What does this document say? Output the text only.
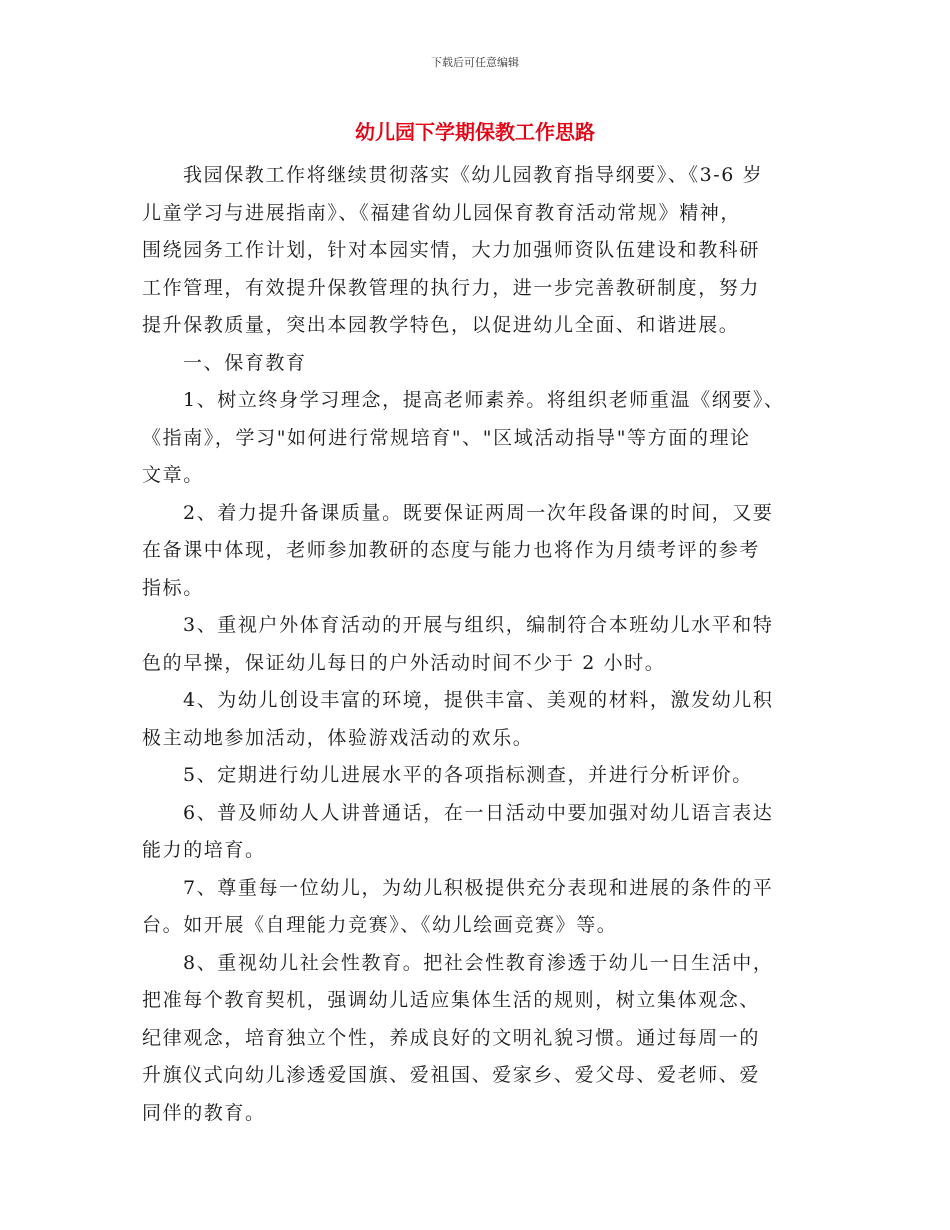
下载后可任意编辑
幼儿园下学期保教工作思路

我园保教工作将继续贯彻落实《幼儿园教育指导纲要》、《3-6 岁
儿童学习与进展指南》、《福建省幼儿园保育教育活动常规》精神，
围绕园务工作计划，针对本园实情，大力加强师资队伍建设和教科研
工作管理，有效提升保教管理的执行力，进一步完善教研制度，努力
提升保教质量，突出本园教学特色，以促进幼儿全面、和谐进展。

一、保育教育

1、树立终身学习理念，提高老师素养。将组织老师重温《纲要》、
《指南》，学习"如何进行常规培育"、"区域活动指导"等方面的理论
文章。

2、着力提升备课质量。既要保证两周一次年段备课的时间，又要
在备课中体现，老师参加教研的态度与能力也将作为月绩考评的参考
指标。

3、重视户外体育活动的开展与组织，编制符合本班幼儿水平和特
色的早操，保证幼儿每日的户外活动时间不少于 2 小时。

4、为幼儿创设丰富的环境，提供丰富、美观的材料，激发幼儿积
极主动地参加活动，体验游戏活动的欢乐。

5、定期进行幼儿进展水平的各项指标测查，并进行分析评价。

6、普及师幼人人讲普通话，在一日活动中要加强对幼儿语言表达
能力的培育。

7、尊重每一位幼儿，为幼儿积极提供充分表现和进展的条件的平
台。如开展《自理能力竞赛》、《幼儿绘画竞赛》等。

8、重视幼儿社会性教育。把社会性教育渗透于幼儿一日生活中，
把准每个教育契机，强调幼儿适应集体生活的规则，树立集体观念、
纪律观念，培育独立个性，养成良好的文明礼貌习惯。通过每周一的
升旗仪式向幼儿渗透爱国旗、爱祖国、爱家乡、爱父母、爱老师、爱
同伴的教育。
